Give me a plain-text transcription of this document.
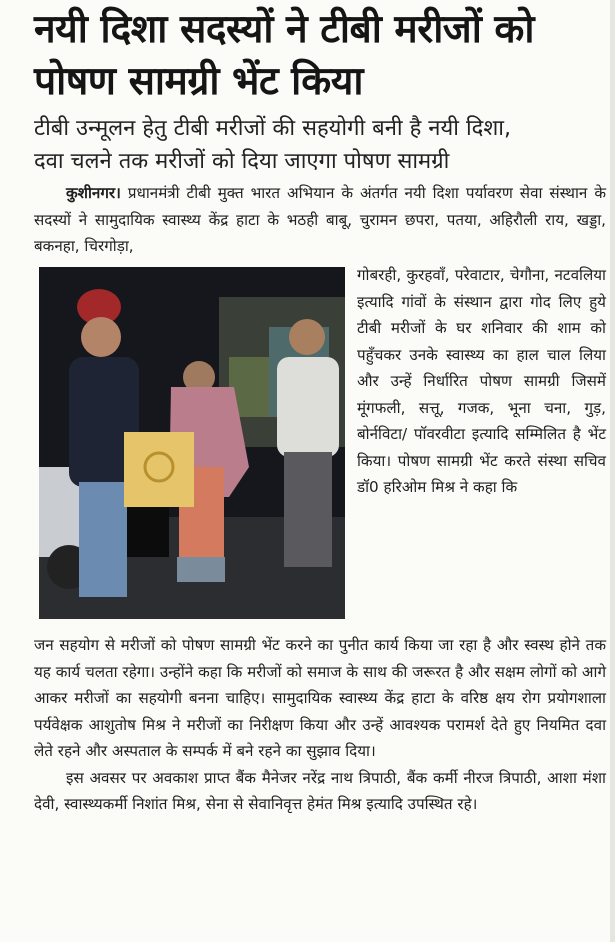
नयी दिशा सदस्यों ने टीबी मरीजों को
पोषण सामग्री भेंट किया
टीबी उन्मूलन हेतु टीबी मरीजों की सहयोगी बनी है नयी दिशा,
दवा चलने तक मरीजों को दिया जाएगा पोषण सामग्री

कुशीनगर। प्रधानमंत्री टीबी मुक्त भारत अभियान के अंतर्गत नयी दिशा पर्यावरण सेवा संस्थान के सदस्यों ने सामुदायिक स्वास्थ्य केंद्र हाटा के भठही बाबू, चुरामन छपरा, पतया, अहिरौली राय, खड्डा, बकनहा, चिरगोड़ा,

गोबरही, कुरहवाँ, परेवाटार, चेगौना, नटवलिया इत्यादि गांवों के संस्थान द्वारा गोद लिए हुये टीबी मरीजों के घर शनिवार की शाम को पहुँचकर उनके स्वास्थ्य का हाल चाल लिया और उन्हें निर्धारित पोषण सामग्री जिसमें मूंगफली, सत्तू, गजक, भूना चना, गुड़, बोर्नविटा/ पॉवरवीटा इत्यादि सम्मिलित है भेंट किया। पोषण सामग्री भेंट करते संस्था सचिव डॉ0 हरिओम मिश्र ने कहा कि

जन सहयोग से मरीजों को पोषण सामग्री भेंट करने का पुनीत कार्य किया जा रहा है और स्वस्थ होने तक यह कार्य चलता रहेगा। उन्होंने कहा कि मरीजों को समाज के साथ की जरूरत है और सक्षम लोगों को आगे आकर मरीजों का सहयोगी बनना चाहिए। सामुदायिक स्वास्थ्य केंद्र हाटा के वरिष्ठ क्षय रोग प्रयोगशाला पर्यवेक्षक आशुतोष मिश्र ने मरीजों का निरीक्षण किया और उन्हें आवश्यक परामर्श देते हुए नियमित दवा लेते रहने और अस्पताल के सम्पर्क में बने रहने का सुझाव दिया।

इस अवसर पर अवकाश प्राप्त बैंक मैनेजर नरेंद्र नाथ त्रिपाठी, बैंक कर्मी नीरज त्रिपाठी, आशा मंशा देवी, स्वास्थ्यकर्मी निशांत मिश्र, सेना से सेवानिवृत्त हेमंत मिश्र इत्यादि उपस्थित रहे।
